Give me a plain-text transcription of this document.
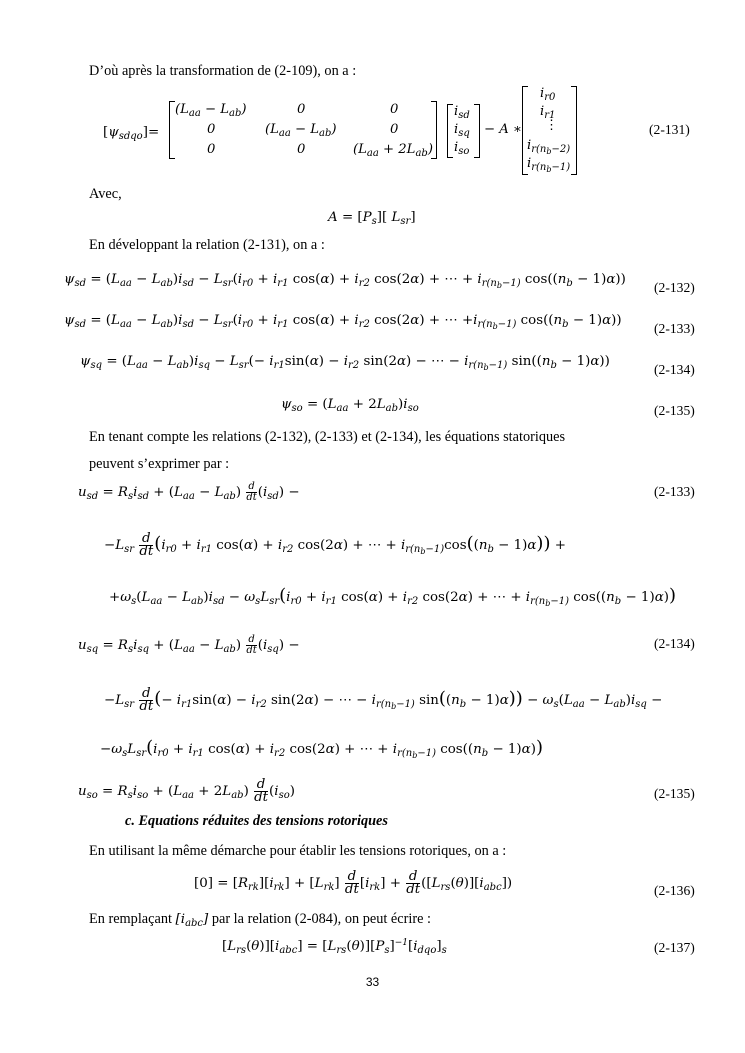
D’où après la transformation de (2-109), on a :
$[\psi_{sdqo}]=$
$(L_{aa} - L_{ab})$	0	0
0	$(L_{aa} - L_{ab})$	0
0	0	$(L_{aa} + 2L_{ab})$
$i_{sd}$
$i_{sq}$
$i_{so}$
− A ∗
$i_{r0}$
$i_{r1}$
⋮
$i_{r(n_b-2)}$
$i_{r(n_b-1)}$
(2-131)
Avec,
$A = [P_s]$[ $L_{sr}$]
En développant la relation (2-131), on a :
$\psi_{sd} = (L_{aa} - L_{ab})i_{sd} - L_{sr}(i_{r0} + i_{r1}$ $\cos(\alpha) + i_{r2}$ cos(2α) + ⋯ + $i_{r(n_b-1)}$ $\cos((n_b - 1)\alpha)$)
(2-132)
$\psi_{sd} = (L_{aa} - L_{ab})i_{sd} - L_{sr}(i_{r0} + i_{r1}$ $\cos(\alpha) + i_{r2}$ cos(2α) + ⋯ $+i_{r(n_b-1)}$ $\cos((n_b - 1)\alpha)$)
(2-133)
$\psi_{sq} = (L_{aa} - L_{ab})i_{sq} - L_{sr}(- i_{r1}\sin(\alpha) - i_{r2}$ sin(2α) − ⋯ − $i_{r(n_b-1)}$ $\sin((n_b - 1)\alpha)$)
(2-134)
$\psi_{so} = (L_{aa} + 2L_{ab})i_{so}$	(2-135)
En tenant compte les relations (2-132), (2-133) et (2-134), les équations statoriques
peuvent s’exprimer par :
$u_{sd} = R_si_{sd} + (L_{aa} - L_{ab}) \frac{d}{dt} (i_{sd})$ −	(2-133)
$-L_{sr} \frac{d}{dt} (i_{r0} + i_{r1}$ $\cos(\alpha) + i_{r2}$ cos(2α) + ⋯ + $i_{r(n_b-1)}\cos((n_b - 1)\alpha)$) +
$+\omega_s(L_{aa} - L_{ab})i_{sd} - \omega_sL_{sr}(i_{r0} + i_{r1}$ $\cos(\alpha) + i_{r2}$ cos(2α) + ⋯ + $i_{r(n_b-1)}$ $\cos((n_b - 1)\alpha)$)
$u_{sq} = R_si_{sq} + (L_{aa} - L_{ab}) \frac{d}{dt} (i_{sq})$ −	(2-134)
$-L_{sr} \frac{d}{dt}$ (− $i_{r1}\sin(\alpha) - i_{r2}$ sin(2α) − ⋯ − $i_{r(n_b-1)}$ $\sin((n_b - 1)\alpha)) - \omega_s(L_{aa} - L_{ab})i_{sq}$ −
$-\omega_sL_{sr}(i_{r0} + i_{r1}$ $\cos(\alpha) + i_{r2}$ cos(2α) + ⋯ + $i_{r(n_b-1)}$ $\cos((n_b - 1)\alpha)$)
$u_{so} = R_si_{so} + (L_{aa} + 2L_{ab}) \frac{d}{dt} (i_{so})$	(2-135)
c. Equations réduites des tensions rotoriques
En utilisant la même démarche pour établir les tensions rotoriques, on a :
$[0] = [R_{rk}][i_{rk}] + [L_{rk}] \frac{d}{dt} [i_{rk}] + \frac{d}{dt} ([L_{rs}(\theta)][i_{abc}])$	(2-136)
En remplaçant $[i_{abc}]$ par la relation (2-084), on peut écrire :
$[L_{rs}(\theta)][i_{abc}] = [L_{rs}(\theta)][P_s]^{-1}[i_{dqo}]_s$	(2-137)
33
